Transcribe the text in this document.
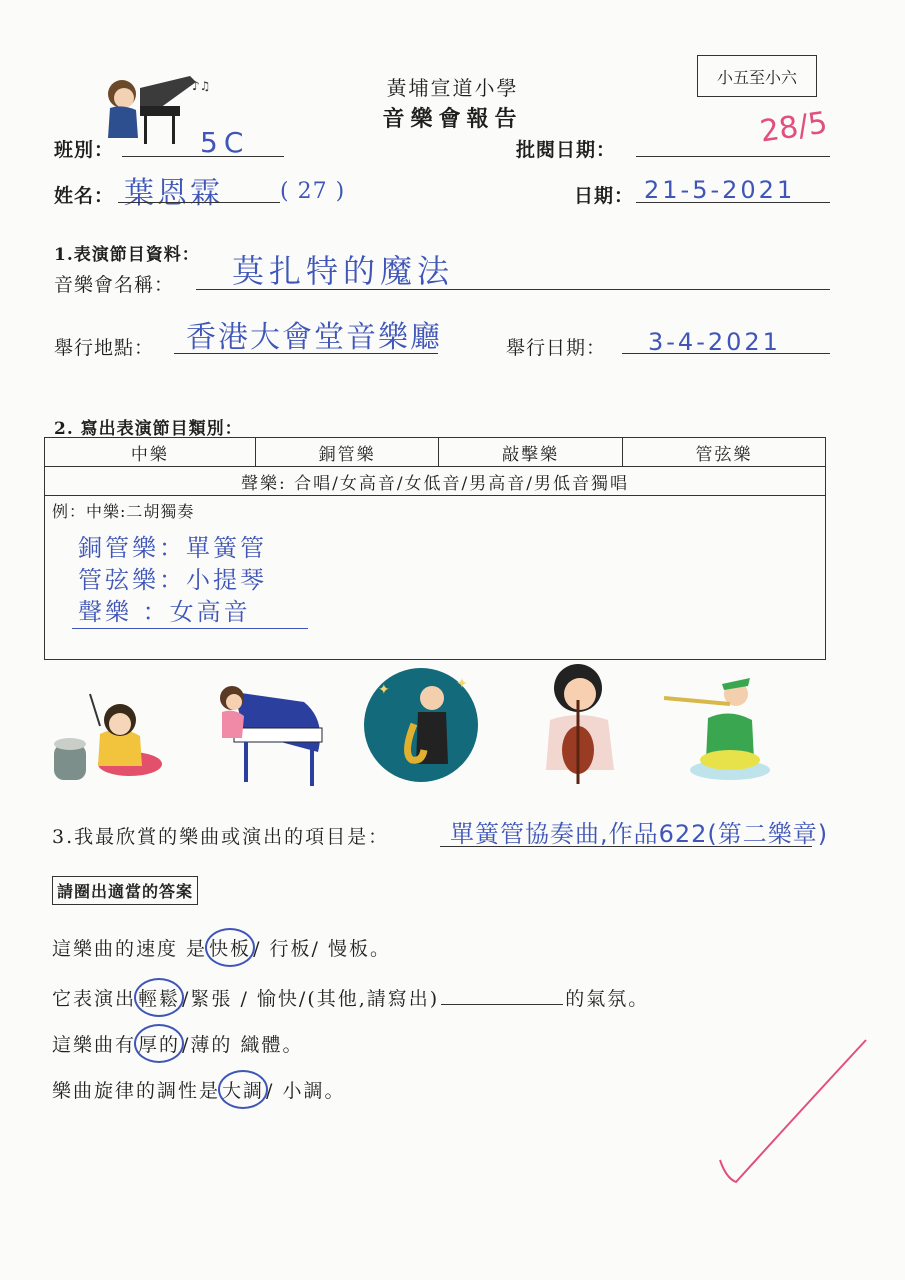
小五至小六
黃埔宣道小學
音樂會報告
♪♫
班別：	5C	批閱日期：
28/5
姓名： 葉恩霖	( 27 )	日期： 21-5-2021
1.表演節目資料：
音樂會名稱： 莫扎特的魔法
舉行地點： 香港大會堂音樂廳	舉行日期： 3-4-2021
2. 寫出表演節目類別：
中樂	銅管樂	敲擊樂	管弦樂
聲樂: 合唱/女高音/女低音/男高音/男低音獨唱
例：中樂:二胡獨奏
銅管樂：單簧管
管弦樂：小提琴
聲樂 ：女高音
✦	✦
3.我最欣賞的樂曲或演出的項目是：	單簧管協奏曲,作品622(第二樂章)
請圈出適當的答案
這樂曲的速度 是 快板 / 行板/ 慢板。
它表演出 輕鬆 /緊張 / 愉快/(其他,請寫出)	的氣氛。
這樂曲有 厚的 /薄的 織體。
樂曲旋律的調性是 大調 / 小調。
